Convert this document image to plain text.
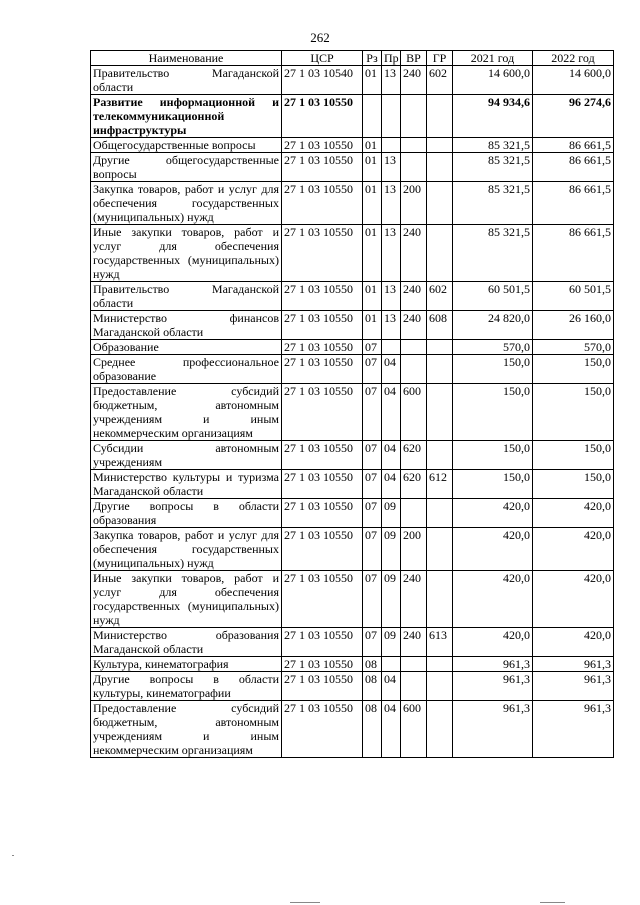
262
Наименование	ЦСР	Рз	Пр	ВР	ГР	2021 год	2022 год
Правительство Магаданской области	27 1 03 10540	01	13	240	602	14 600,0	14 600,0
Развитие информационной и телекоммуникационной инфраструктуры	27 1 03 10550					94 934,6	96 274,6
Общегосударственные вопросы	27 1 03 10550	01				85 321,5	86 661,5
Другие общегосударственные вопросы	27 1 03 10550	01	13			85 321,5	86 661,5
Закупка товаров, работ и услуг для обеспечения государственных (муниципальных) нужд	27 1 03 10550	01	13	200		85 321,5	86 661,5
Иные закупки товаров, работ и услуг для обеспечения государственных (муниципальных) нужд	27 1 03 10550	01	13	240		85 321,5	86 661,5
Правительство Магаданской области	27 1 03 10550	01	13	240	602	60 501,5	60 501,5
Министерство финансов Магаданской области	27 1 03 10550	01	13	240	608	24 820,0	26 160,0
Образование	27 1 03 10550	07				570,0	570,0
Среднее профессиональное образование	27 1 03 10550	07	04			150,0	150,0
Предоставление субсидий бюджетным, автономным учреждениям и иным некоммерческим организациям	27 1 03 10550	07	04	600		150,0	150,0
Субсидии автономным учреждениям	27 1 03 10550	07	04	620		150,0	150,0
Министерство культуры и туризма Магаданской области	27 1 03 10550	07	04	620	612	150,0	150,0
Другие вопросы в области образования	27 1 03 10550	07	09			420,0	420,0
Закупка товаров, работ и услуг для обеспечения государственных (муниципальных) нужд	27 1 03 10550	07	09	200		420,0	420,0
Иные закупки товаров, работ и услуг для обеспечения государственных (муниципальных) нужд	27 1 03 10550	07	09	240		420,0	420,0
Министерство образования Магаданской области	27 1 03 10550	07	09	240	613	420,0	420,0
Культура, кинематография	27 1 03 10550	08				961,3	961,3
Другие вопросы в области культуры, кинематографии	27 1 03 10550	08	04			961,3	961,3
Предоставление субсидий бюджетным, автономным учреждениям и иным некоммерческим организациям	27 1 03 10550	08	04	600		961,3	961,3
